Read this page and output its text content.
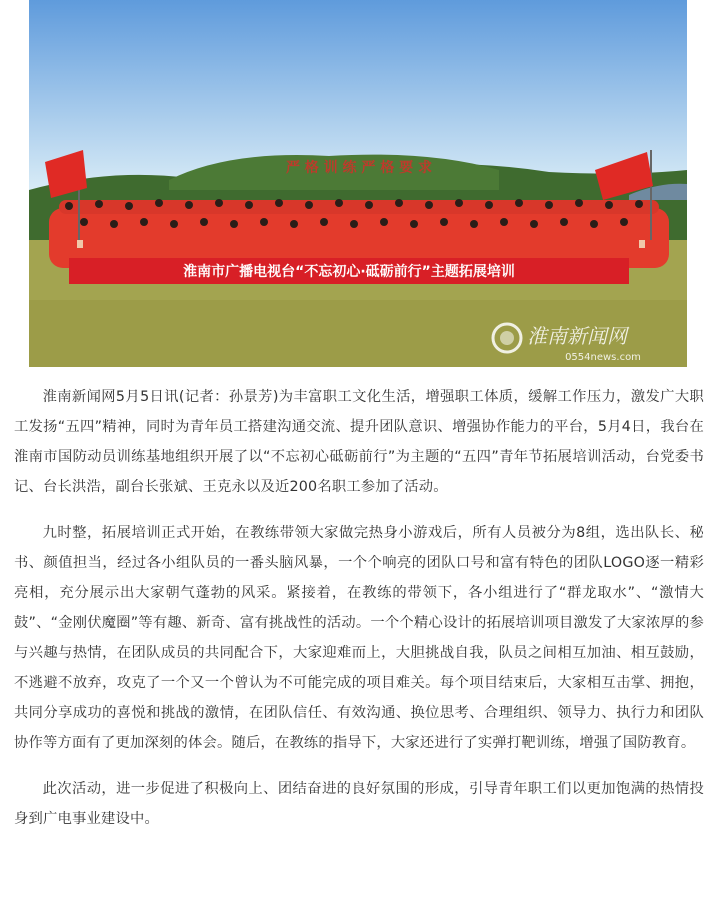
严 格 训 练 严 格 要 求
淮南市广播电视台“不忘初心·砥砺前行”主题拓展培训
淮南新闻网
0554news.com

淮南新闻网5月5日讯(记者：孙景芳)为丰富职工文化生活，增强职工体质，缓解工作压力，激发广大职工发扬“五四”精神，同时为青年员工搭建沟通交流、提升团队意识、增强协作能力的平台，5月4日，我台在淮南市国防动员训练基地组织开展了以“不忘初心砥砺前行”为主题的“五四”青年节拓展培训活动，台党委书记、台长洪浩，副台长张斌、王克永以及近200名职工参加了活动。

九时整，拓展培训正式开始，在教练带领大家做完热身小游戏后，所有人员被分为8组，选出队长、秘书、颜值担当，经过各小组队员的一番头脑风暴，一个个响亮的团队口号和富有特色的团队LOGO逐一精彩亮相，充分展示出大家朝气蓬勃的风采。紧接着，在教练的带领下，各小组进行了“群龙取水”、“激情大鼓”、“金刚伏魔圈”等有趣、新奇、富有挑战性的活动。一个个精心设计的拓展培训项目激发了大家浓厚的参与兴趣与热情，在团队成员的共同配合下，大家迎难而上，大胆挑战自我，队员之间相互加油、相互鼓励，不逃避不放弃，攻克了一个又一个曾认为不可能完成的项目难关。每个项目结束后，大家相互击掌、拥抱，共同分享成功的喜悦和挑战的激情，在团队信任、有效沟通、换位思考、合理组织、领导力、执行力和团队协作等方面有了更加深刻的体会。随后，在教练的指导下，大家还进行了实弹打靶训练，增强了国防教育。

此次活动，进一步促进了积极向上、团结奋进的良好氛围的形成，引导青年职工们以更加饱满的热情投身到广电事业建设中。
